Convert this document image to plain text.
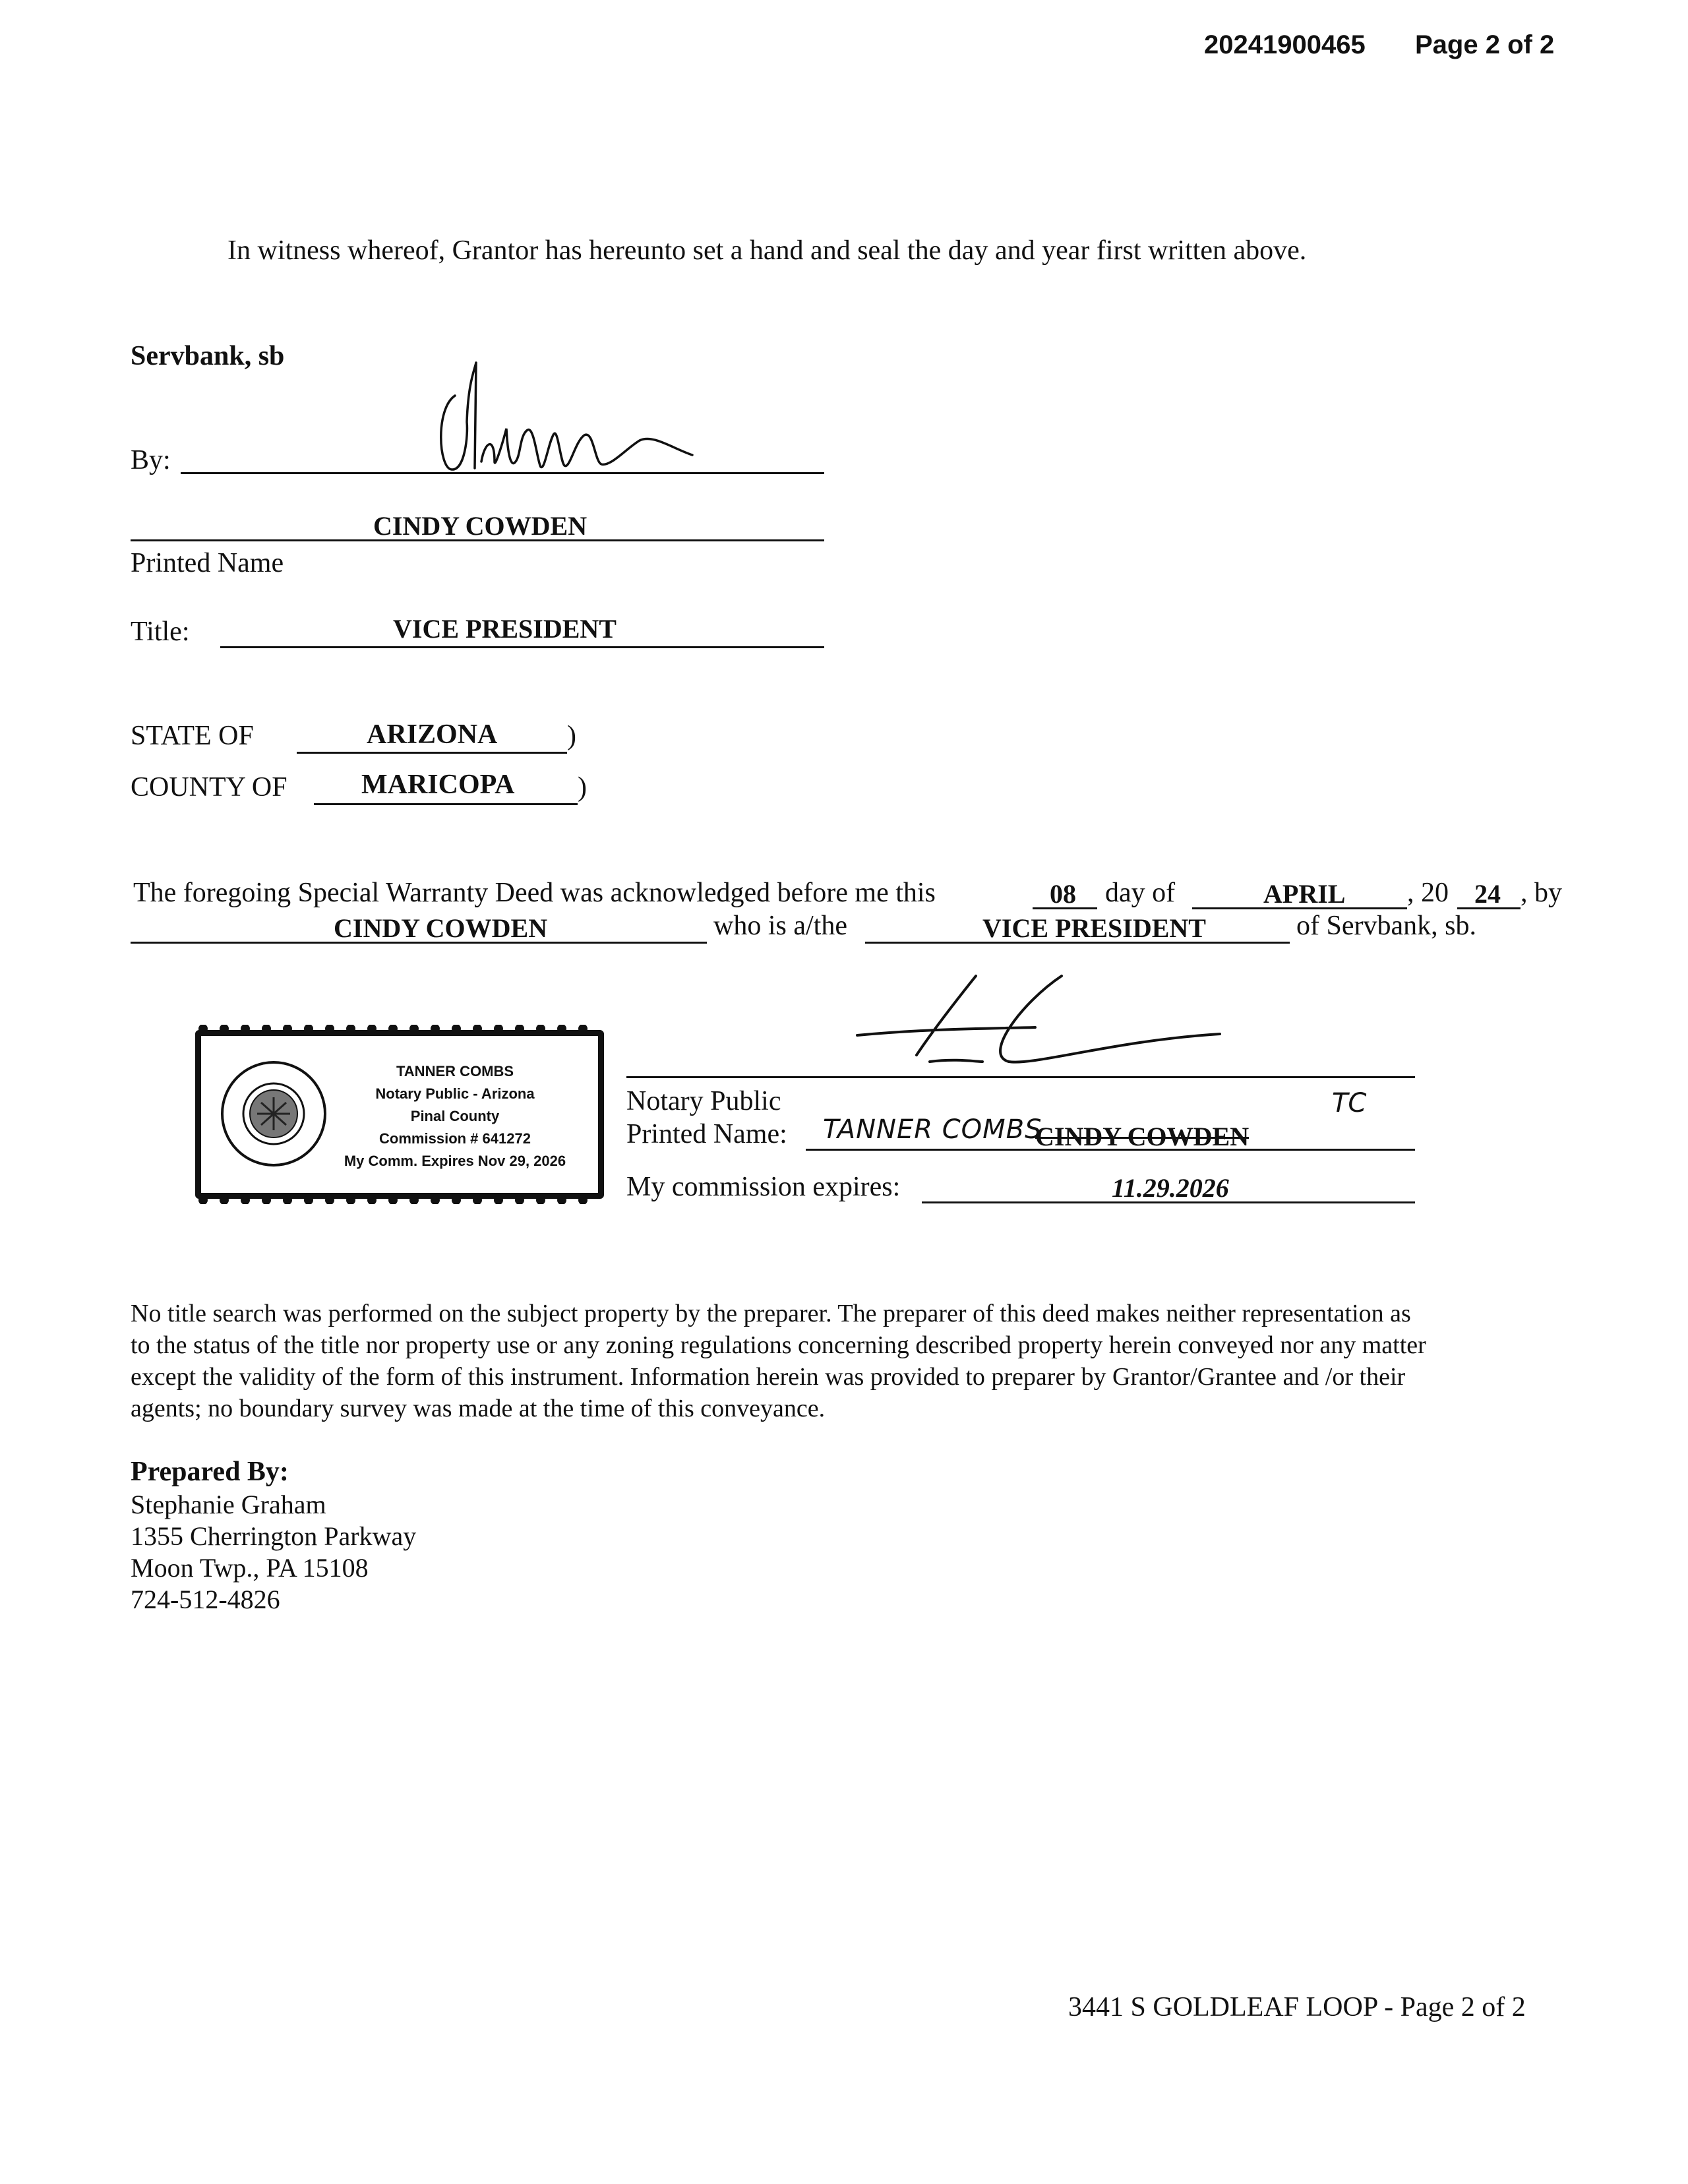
20241900465 Page 2 of 2
In witness whereof, Grantor has hereunto set a hand and seal the day and year first written above.
Servbank, sb
By:
CINDY COWDEN
Printed Name
Title:	VICE PRESIDENT
STATE OF	ARIZONA	)
COUNTY OF	MARICOPA )
The foregoing Special Warranty Deed was acknowledged before me this	08 day of	APRIL , 20 24 , by
CINDY COWDEN	who is a/the	VICE PRESIDENT	of Servbank, sb.
TANNER COMBS
Notary Public - Arizona
Pinal County
Commission # 641272
My Comm. Expires Nov 29, 2026
Notary Public
Printed Name: TANNER COMBS
CINDY COWDEN
TC
My commission expires:	11.29.2026
No title search was performed on the subject property by the preparer. The preparer of this deed makes neither representation as
to the status of the title nor property use or any zoning regulations concerning described property herein conveyed nor any matter
except the validity of the form of this instrument. Information herein was provided to preparer by Grantor/Grantee and /or their
agents; no boundary survey was made at the time of this conveyance.
Prepared By:
Stephanie Graham
1355 Cherrington Parkway
Moon Twp., PA 15108
724-512-4826
3441 S GOLDLEAF LOOP - Page 2 of 2
